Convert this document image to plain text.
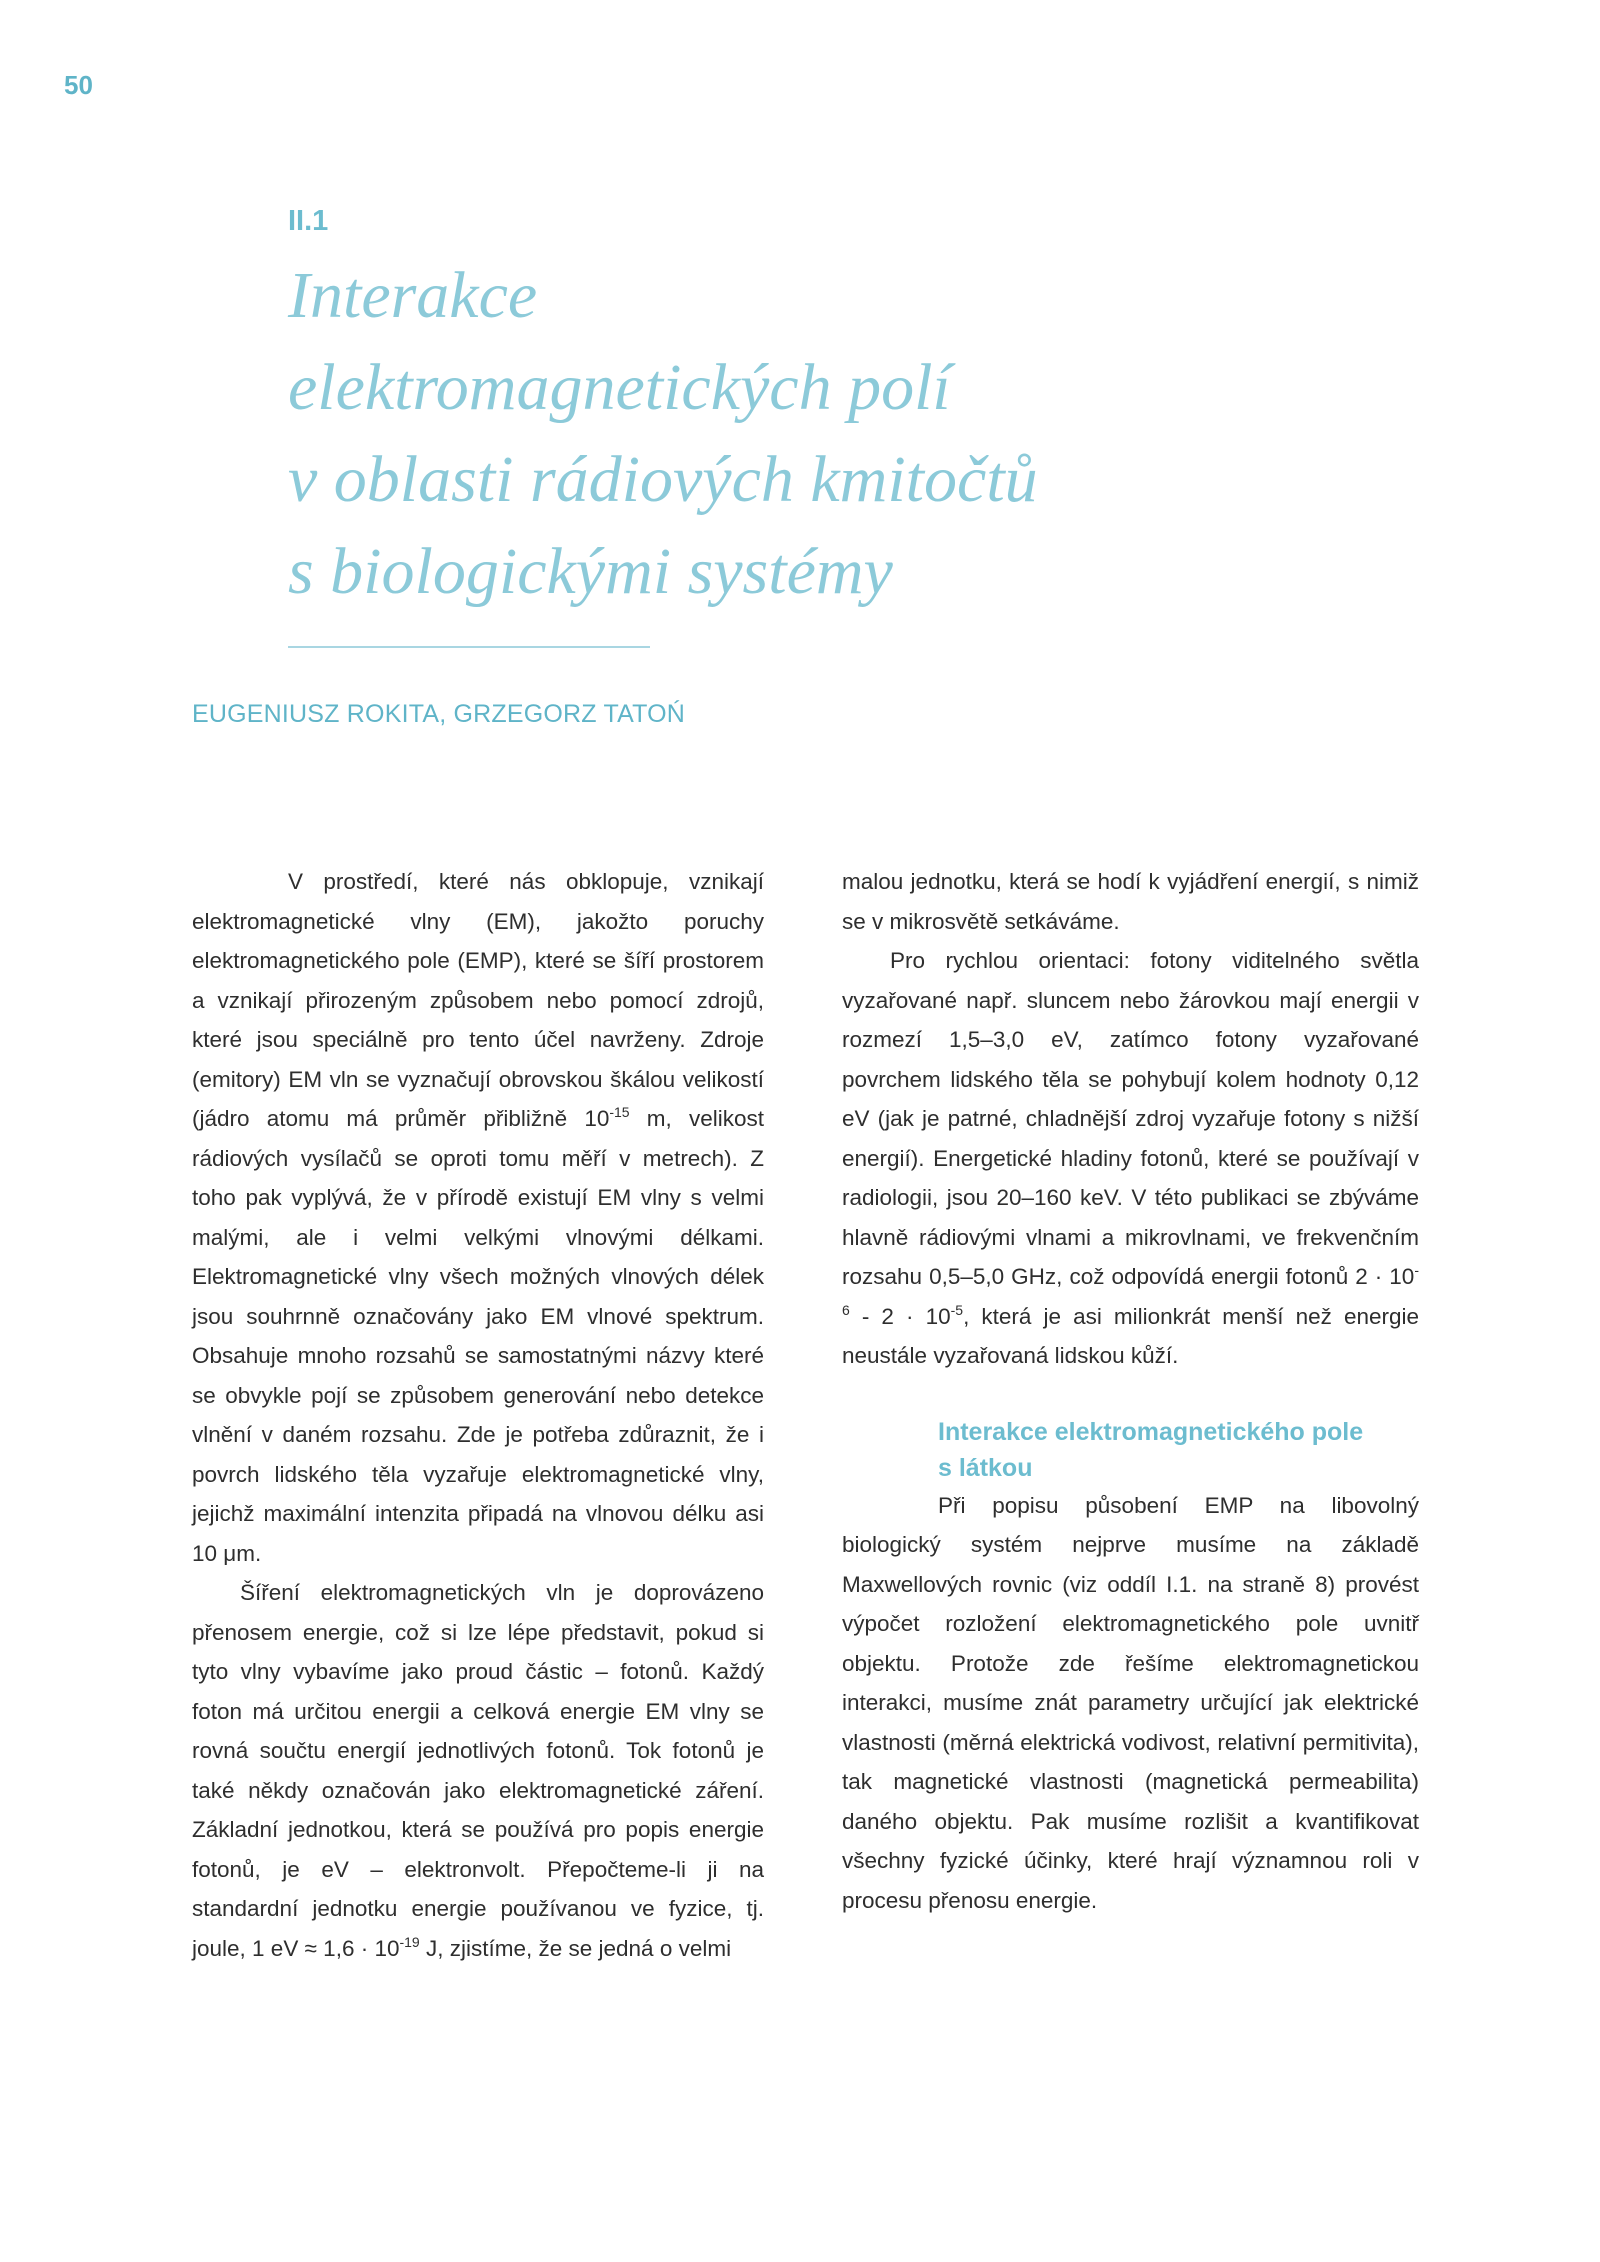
50
II.1
Interakce
elektromagnetických polí
v oblasti rádiových kmitočtů
s biologickými systémy
EUGENIUSZ ROKITA, GRZEGORZ TATOŃ

V prostředí, které nás obklopuje, vznikají elektromagnetické vlny (EM), jakožto poruchy elektromagnetického pole (EMP), které se šíří prostorem a vznikají přirozeným způsobem nebo pomocí zdrojů, které jsou speciálně pro tento účel navrženy. Zdroje (emitory) EM vln se vyznačují obrovskou škálou velikostí (jádro atomu má průměr přibližně $10^{-15}$ m, velikost rádiových vysílačů se oproti tomu měří v metrech). Z toho pak vyplývá, že v přírodě existují EM vlny s velmi malými, ale i velmi velkými vlnovými délkami. Elektromagnetické vlny všech možných vlnových délek jsou souhrnně označovány jako EM vlnové spektrum. Obsahuje mnoho rozsahů se samostatnými názvy které se obvykle pojí se způsobem generování nebo detekce vlnění v daném rozsahu. Zde je potřeba zdůraznit, že i povrch lidského těla vyzařuje elektromagnetické vlny, jejichž maximální intenzita připadá na vlnovou délku asi 10 μm.

Šíření elektromagnetických vln je doprovázeno přenosem energie, což si lze lépe představit, pokud si tyto vlny vybavíme jako proud částic – fotonů. Každý foton má určitou energii a celková energie EM vlny se rovná součtu energií jednotlivých fotonů. Tok fotonů je také někdy označován jako elektromagnetické záření. Základní jednotkou, která se používá pro popis energie fotonů, je eV – elektronvolt. Přepočteme-li ji na standardní jednotku energie používanou ve fyzice, tj. joule, 1 eV ≈ $1,6 \cdot 10^{-19}$ J, zjistíme, že se jedná o velmi

malou jednotku, která se hodí k vyjádření energií, s nimiž se v mikrosvětě setkáváme.

Pro rychlou orientaci: fotony viditelného světla vyzařované např. sluncem nebo žárovkou mají energii v rozmezí 1,5–3,0 eV, zatímco fotony vyzařované povrchem lidského těla se pohybují kolem hodnoty 0,12 eV (jak je patrné, chladnější zdroj vyzařuje fotony s nižší energií). Energetické hladiny fotonů, které se používají v radiologii, jsou 20–160 keV. V této publikaci se zbýváme hlavně rádiovými vlnami a mikrovlnami, ve frekvenčním rozsahu 0,5–5,0 GHz, což odpovídá energii fotonů $2 \cdot 10^{-6} - 2 \cdot 10^{-5}$, která je asi milionkrát menší než energie neustále vyzařovaná lidskou kůží.

Interakce elektromagnetického pole
s látkou

Při popisu působení EMP na libovolný biologický systém nejprve musíme na základě Maxwellových rovnic (viz oddíl I.1. na straně 8) provést výpočet rozložení elektromagnetického pole uvnitř objektu. Protože zde řešíme elektromagnetickou interakci, musíme znát parametry určující jak elektrické vlastnosti (měrná elektrická vodivost, relativní permitivita), tak magnetické vlastnosti (magnetická permeabilita) daného objektu. Pak musíme rozlišit a kvantifikovat všechny fyzické účinky, které hrají významnou roli v procesu přenosu energie.
